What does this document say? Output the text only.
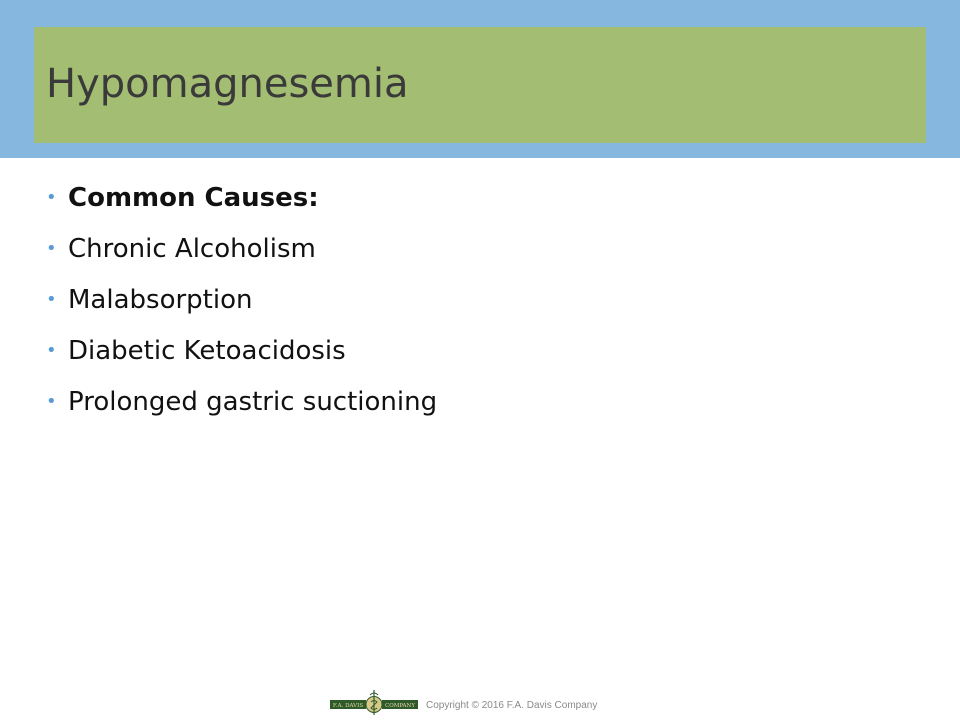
Hypomagnesemia
• Common Causes:
• Chronic Alcoholism
• Malabsorption
• Diabetic Ketoacidosis
• Prolonged gastric suctioning
F.A. DAVIS	COMPANY Copyright © 2016 F.A. Davis Company
